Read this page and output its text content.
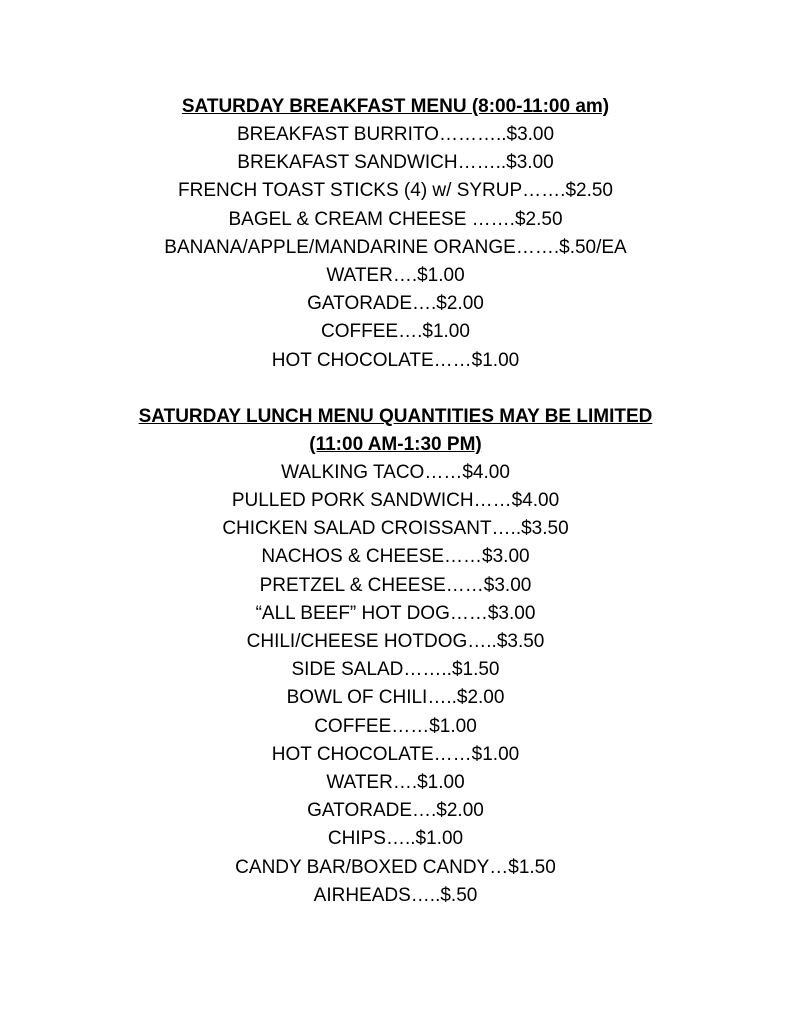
SATURDAY BREAKFAST MENU (8:00-11:00 am)

BREAKFAST BURRITO………..$3.00

BREKAFAST SANDWICH……..$3.00

FRENCH TOAST STICKS (4) w/ SYRUP…….$2.50

BAGEL & CREAM CHEESE …….$2.50

BANANA/APPLE/MANDARINE ORANGE…….$.50/EA

WATER….$1.00

GATORADE….$2.00

COFFEE….$1.00

HOT CHOCOLATE……$1.00

SATURDAY LUNCH MENU QUANTITIES MAY BE LIMITED

(11:00 AM-1:30 PM)

WALKING TACO……$4.00

PULLED PORK SANDWICH……$4.00

CHICKEN SALAD CROISSANT…..$3.50

NACHOS & CHEESE……$3.00

PRETZEL & CHEESE……$3.00

“ALL BEEF” HOT DOG……$3.00

CHILI/CHEESE HOTDOG…..$3.50

SIDE SALAD……..$1.50

BOWL OF CHILI…..$2.00

COFFEE……$1.00

HOT CHOCOLATE……$1.00

WATER….$1.00

GATORADE….$2.00

CHIPS…..$1.00

CANDY BAR/BOXED CANDY…$1.50

AIRHEADS…..$.50
